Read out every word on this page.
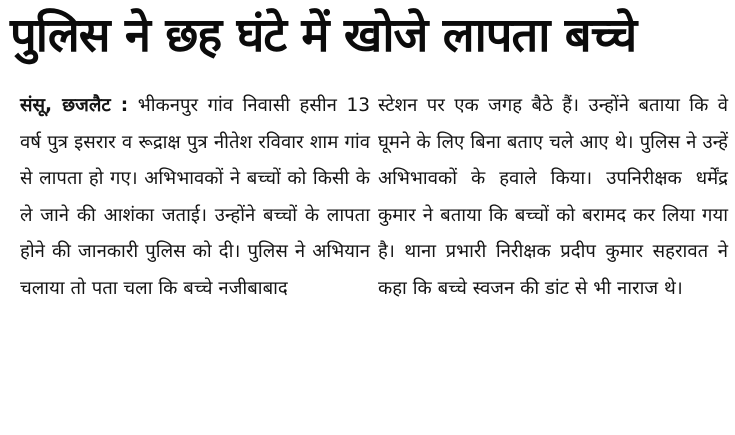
पुलिस ने छह घंटे में खोजे लापता बच्चे

संसू, छजलैट : भीकनपुर गांव निवासी हसीन 13 वर्ष पुत्र इसरार व रूद्राक्ष पुत्र नीतेश रविवार शाम गांव से लापता हो गए। अभिभावकों ने बच्चों को किसी के ले जाने की आशंका जताई। उन्होंने बच्चों के लापता होने की जानकारी पुलिस को दी। पुलिस ने अभियान चलाया तो पता चला कि बच्चे नजीबाबाद

स्टेशन पर एक जगह बैठे हैं। उन्होंने बताया कि वे घूमने के लिए बिना बताए चले आए थे। पुलिस ने उन्हें अभिभावकों के हवाले किया। उपनिरीक्षक धर्मेंद्र कुमार ने बताया कि बच्चों को बरामद कर लिया गया है। थाना प्रभारी निरीक्षक प्रदीप कुमार सहरावत ने कहा कि बच्चे स्वजन की डांट से भी नाराज थे।
